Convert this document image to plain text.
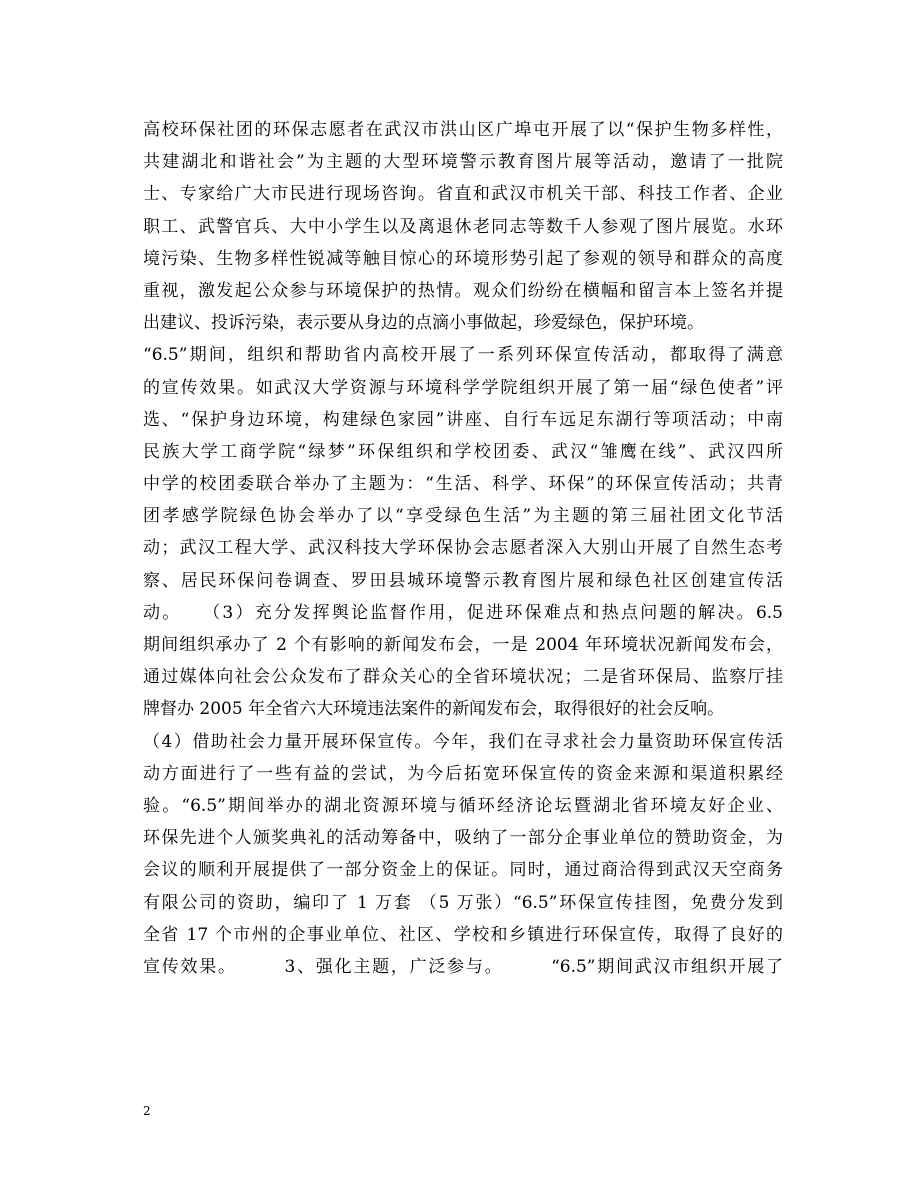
高校环保社团的环保志愿者在武汉市洪山区广埠屯开展了以“保护生物多样性，
共建湖北和谐社会”为主题的大型环境警示教育图片展等活动，邀请了一批院
士、专家给广大市民进行现场咨询。省直和武汉市机关干部、科技工作者、企业
职工、武警官兵、大中小学生以及离退休老同志等数千人参观了图片展览。水环
境污染、生物多样性锐减等触目惊心的环境形势引起了参观的领导和群众的高度
重视，激发起公众参与环境保护的热情。观众们纷纷在横幅和留言本上签名并提
出建议、投诉污染，表示要从身边的点滴小事做起，珍爱绿色，保护环境。
“6.5”期间，组织和帮助省内高校开展了一系列环保宣传活动，都取得了满意
的宣传效果。如武汉大学资源与环境科学学院组织开展了第一届“绿色使者”评
选、“保护身边环境，构建绿色家园”讲座、自行车远足东湖行等项活动；中南
民族大学工商学院“绿梦”环保组织和学校团委、武汉“雏鹰在线”、武汉四所
中学的校团委联合举办了主题为：“生活、科学、环保”的环保宣传活动；共青
团孝感学院绿色协会举办了以“享受绿色生活”为主题的第三届社团文化节活
动；武汉工程大学、武汉科技大学环保协会志愿者深入大别山开展了自然生态考
察、居民环保问卷调查、罗田县城环境警示教育图片展和绿色社区创建宣传活
动。　　（3）充分发挥舆论监督作用，促进环保难点和热点问题的解决。6.5
期间组织承办了 2 个有影响的新闻发布会，一是 2004 年环境状况新闻发布会，
通过媒体向社会公众发布了群众关心的全省环境状况；二是省环保局、监察厅挂
牌督办 2005 年全省六大环境违法案件的新闻发布会，取得很好的社会反响。
（4）借助社会力量开展环保宣传。今年，我们在寻求社会力量资助环保宣传活
动方面进行了一些有益的尝试，为今后拓宽环保宣传的资金来源和渠道积累经
验。“6.5”期间举办的湖北资源环境与循环经济论坛暨湖北省环境友好企业、
环保先进个人颁奖典礼的活动筹备中，吸纳了一部分企事业单位的赞助资金，为
会议的顺利开展提供了一部分资金上的保证。同时，通过商洽得到武汉天空商务
有限公司的资助，编印了 1 万套 （5 万张）“6.5”环保宣传挂图，免费分发到
全省 17 个市州的企事业单位、社区、学校和乡镇进行环保宣传，取得了良好的
宣传效果。　　　3、强化主题，广泛参与。　　　“6.5”期间武汉市组织开展了
2
